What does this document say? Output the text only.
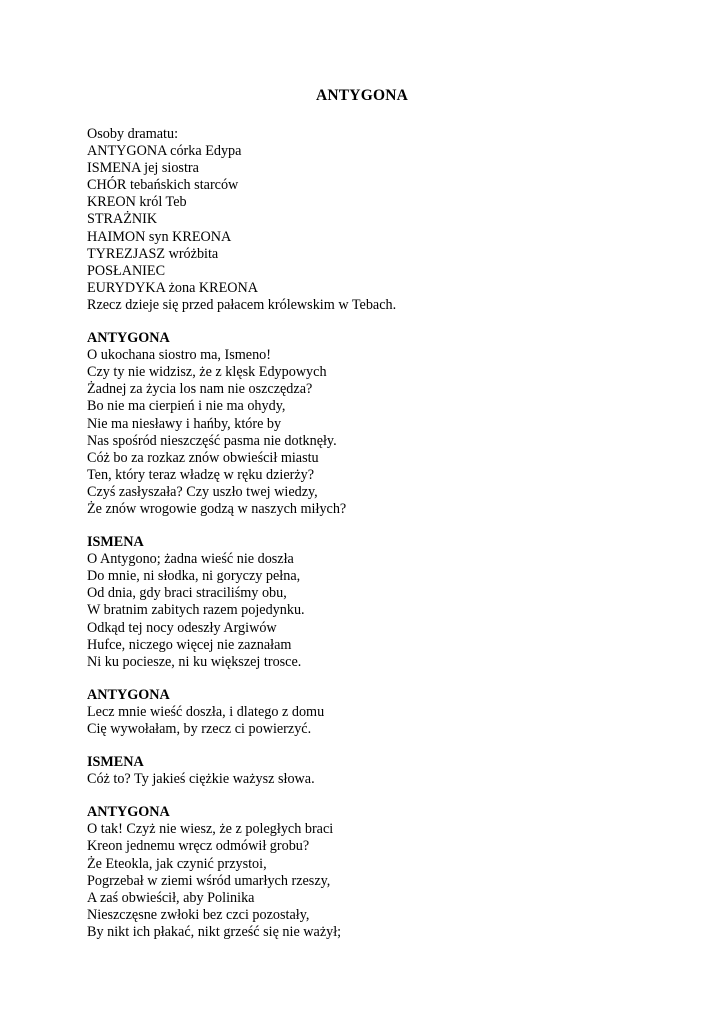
ANTYGONA
Osoby dramatu:
ANTYGONA córka Edypa
ISMENA jej siostra
CHÓR tebańskich starców
KREON król Teb
STRAŻNIK
HAIMON syn KREONA
TYREZJASZ wróżbita
POSŁANIEC
EURYDYKA żona KREONA
Rzecz dzieje się przed pałacem królewskim w Tebach.
ANTYGONA
O ukochana siostro ma, Ismeno!
Czy ty nie widzisz, że z klęsk Edypowych
Żadnej za życia los nam nie oszczędza?
Bo nie ma cierpień i nie ma ohydy,
Nie ma niesławy i hańby, które by
Nas spośród nieszczęść pasma nie dotknęły.
Cóż bo za rozkaz znów obwieścił miastu
Ten, który teraz władzę w ręku dzierży?
Czyś zasłyszała? Czy uszło twej wiedzy,
Że znów wrogowie godzą w naszych miłych?
ISMENA
O Antygono; żadna wieść nie doszła
Do mnie, ni słodka, ni goryczy pełna,
Od dnia, gdy braci straciliśmy obu,
W bratnim zabitych razem pojedynku.
Odkąd tej nocy odeszły Argiwów
Hufce, niczego więcej nie zaznałam
Ni ku pociesze, ni ku większej trosce.
ANTYGONA
Lecz mnie wieść doszła, i dlatego z domu
Cię wywołałam, by rzecz ci powierzyć.
ISMENA
Cóż to? Ty jakieś ciężkie ważysz słowa.
ANTYGONA
O tak! Czyż nie wiesz, że z poległych braci
Kreon jednemu wręcz odmówił grobu?
Że Eteokla, jak czynić przystoi,
Pogrzebał w ziemi wśród umarłych rzeszy,
A zaś obwieścił, aby Polinika
Nieszczęsne zwłoki bez czci pozostały,
By nikt ich płakać, nikt grześć się nie ważył;
